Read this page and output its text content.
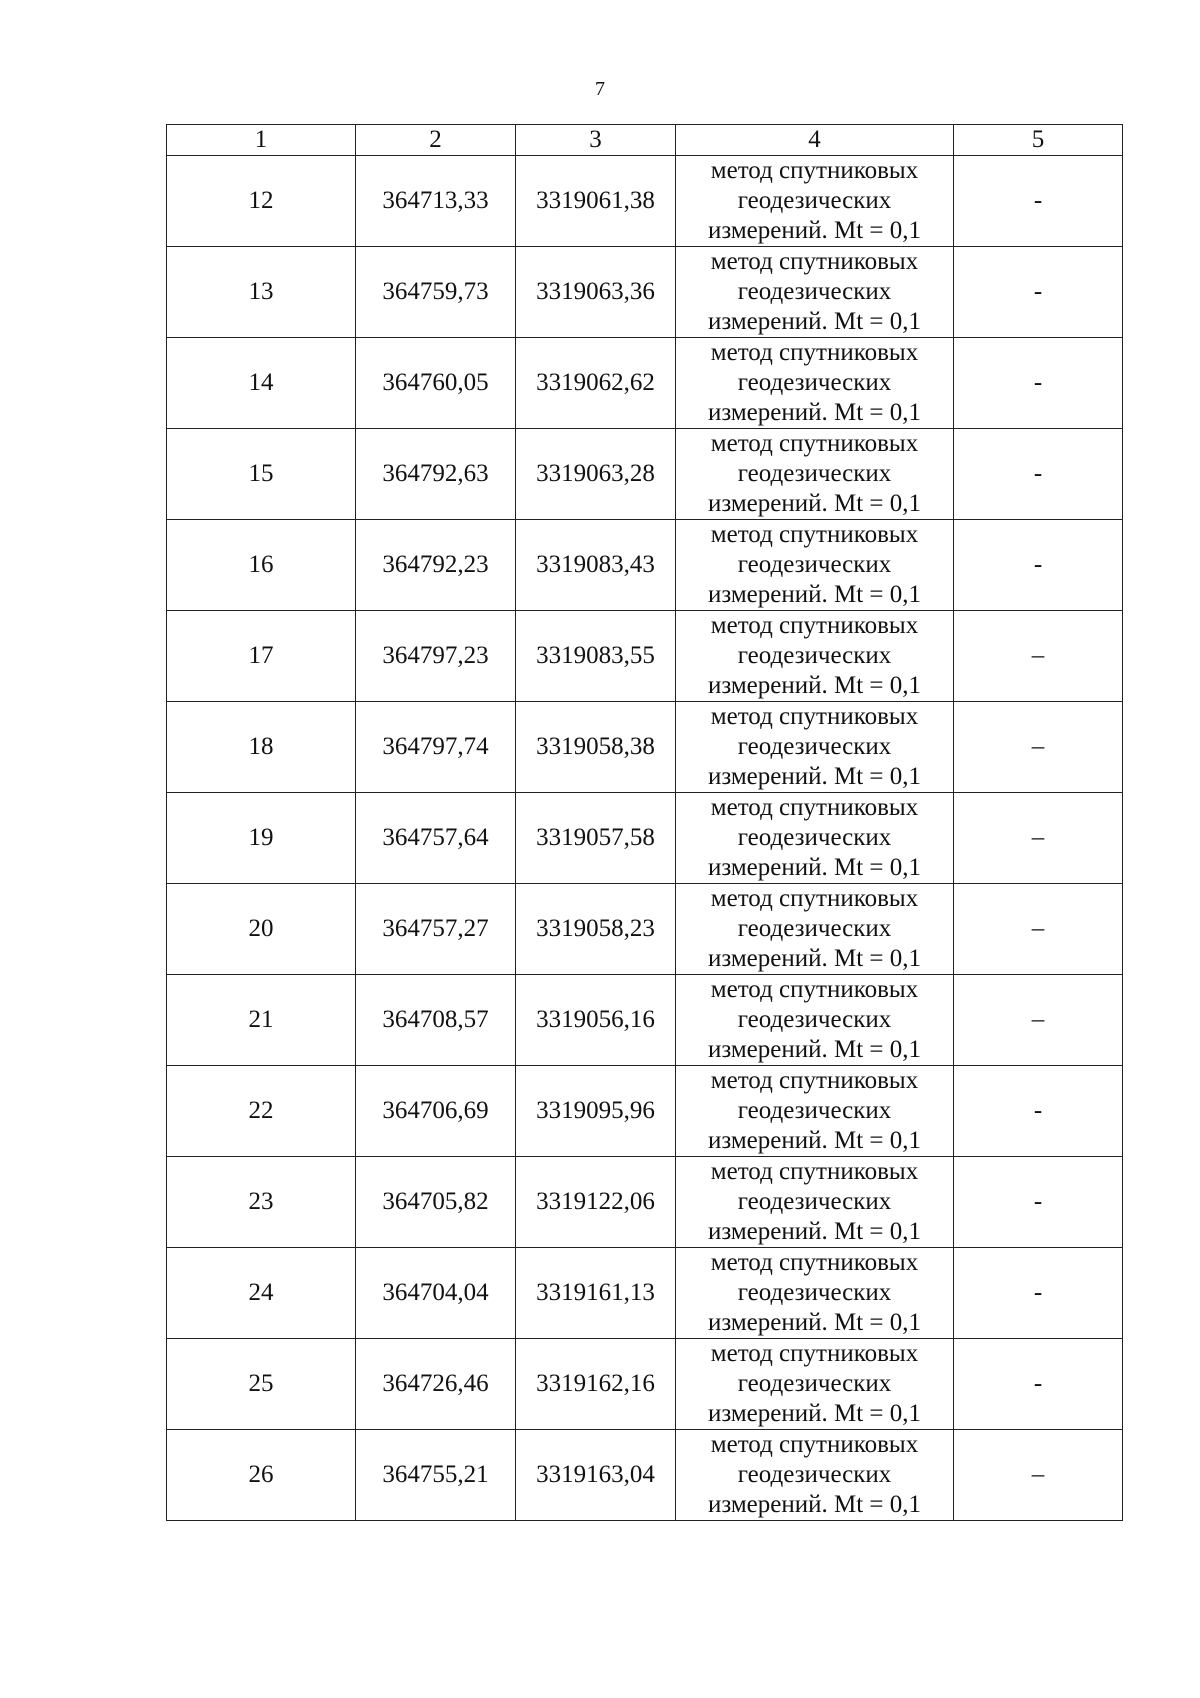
7
1	2	3	4	5
12	364713,33	3319061,38	метод спутниковых геодезических измерений. Mt = 0,1	-
13	364759,73	3319063,36	метод спутниковых геодезических измерений. Mt = 0,1	-
14	364760,05	3319062,62	метод спутниковых геодезических измерений. Mt = 0,1	-
15	364792,63	3319063,28	метод спутниковых геодезических измерений. Mt = 0,1	-
16	364792,23	3319083,43	метод спутниковых геодезических измерений. Mt = 0,1	-
17	364797,23	3319083,55	метод спутниковых геодезических измерений. Mt = 0,1	–
18	364797,74	3319058,38	метод спутниковых геодезических измерений. Mt = 0,1	–
19	364757,64	3319057,58	метод спутниковых геодезических измерений. Mt = 0,1	–
20	364757,27	3319058,23	метод спутниковых геодезических измерений. Mt = 0,1	–
21	364708,57	3319056,16	метод спутниковых геодезических измерений. Mt = 0,1	–
22	364706,69	3319095,96	метод спутниковых геодезических измерений. Mt = 0,1	-
23	364705,82	3319122,06	метод спутниковых геодезических измерений. Mt = 0,1	-
24	364704,04	3319161,13	метод спутниковых геодезических измерений. Mt = 0,1	-
25	364726,46	3319162,16	метод спутниковых геодезических измерений. Mt = 0,1	-
26	364755,21	3319163,04	метод спутниковых геодезических измерений. Mt = 0,1	–
